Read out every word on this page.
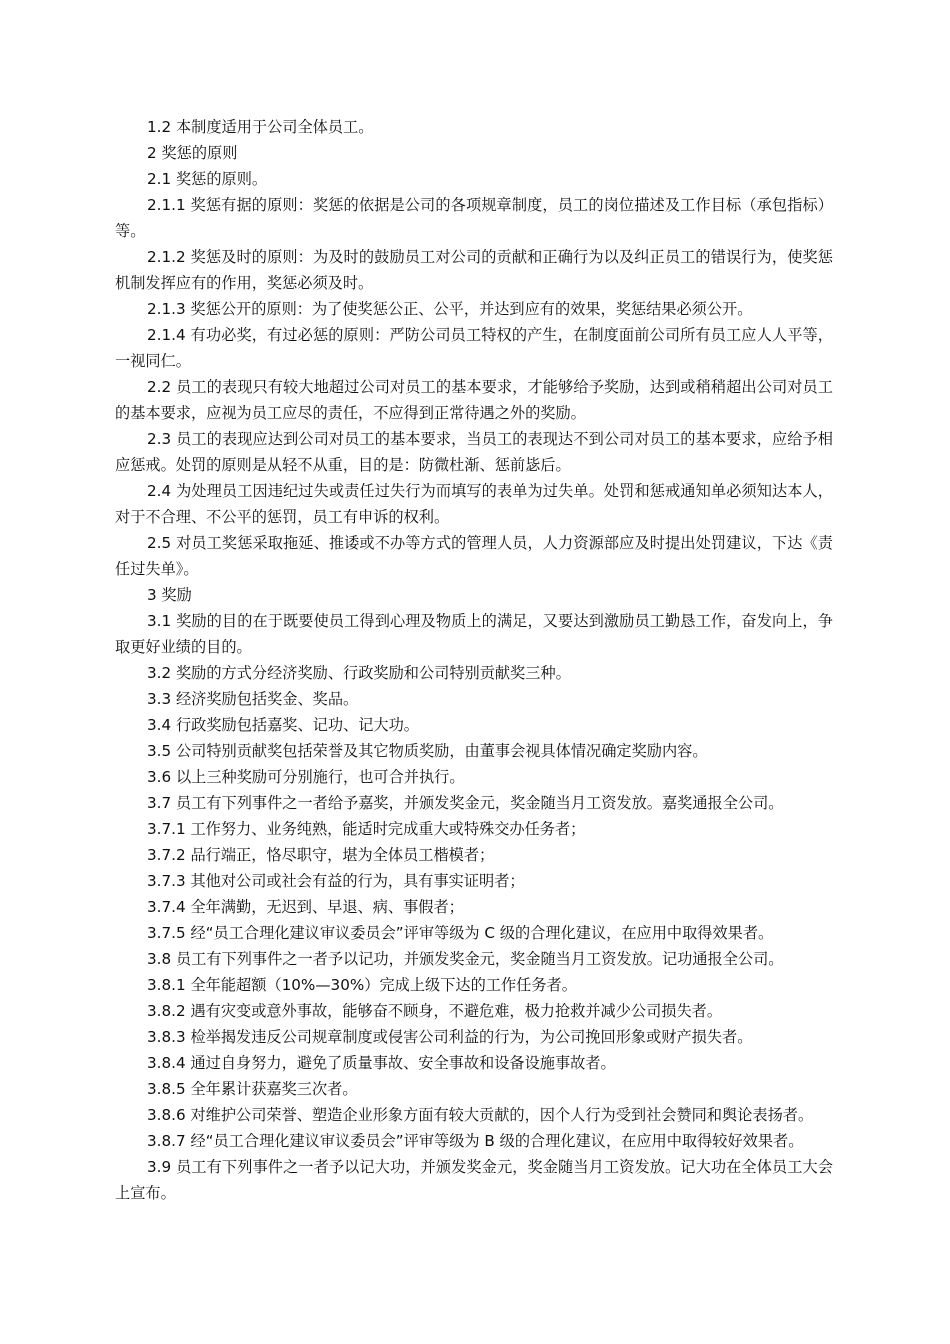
1.2 本制度适用于公司全体员工。

2 奖惩的原则

2.1 奖惩的原则。

2.1.1 奖惩有据的原则：奖惩的依据是公司的各项规章制度，员工的岗位描述及工作目标（承包指标）等。

2.1.2 奖惩及时的原则：为及时的鼓励员工对公司的贡献和正确行为以及纠正员工的错误行为，使奖惩机制发挥应有的作用，奖惩必须及时。

2.1.3 奖惩公开的原则：为了使奖惩公正、公平，并达到应有的效果，奖惩结果必须公开。

2.1.4 有功必奖，有过必惩的原则：严防公司员工特权的产生，在制度面前公司所有员工应人人平等，一视同仁。

2.2 员工的表现只有较大地超过公司对员工的基本要求，才能够给予奖励，达到或稍稍超出公司对员工的基本要求，应视为员工应尽的责任，不应得到正常待遇之外的奖励。

2.3 员工的表现应达到公司对员工的基本要求，当员工的表现达不到公司对员工的基本要求，应给予相应惩戒。处罚的原则是从轻不从重，目的是：防微杜渐、惩前毖后。

2.4 为处理员工因违纪过失或责任过失行为而填写的表单为过失单。处罚和惩戒通知单必须知达本人，对于不合理、不公平的惩罚，员工有申诉的权利。

2.5 对员工奖惩采取拖延、推诿或不办等方式的管理人员，人力资源部应及时提出处罚建议，下达《责任过失单》。

3 奖励

3.1 奖励的目的在于既要使员工得到心理及物质上的满足，又要达到激励员工勤恳工作，奋发向上，争取更好业绩的目的。

3.2 奖励的方式分经济奖励、行政奖励和公司特别贡献奖三种。

3.3 经济奖励包括奖金、奖品。

3.4 行政奖励包括嘉奖、记功、记大功。

3.5 公司特别贡献奖包括荣誉及其它物质奖励，由董事会视具体情况确定奖励内容。

3.6 以上三种奖励可分别施行，也可合并执行。

3.7 员工有下列事件之一者给予嘉奖，并颁发奖金元，奖金随当月工资发放。嘉奖通报全公司。

3.7.1 工作努力、业务纯熟，能适时完成重大或特殊交办任务者；

3.7.2 品行端正，恪尽职守，堪为全体员工楷模者；

3.7.3 其他对公司或社会有益的行为，具有事实证明者；

3.7.4 全年满勤，无迟到、早退、病、事假者；

3.7.5 经“员工合理化建议审议委员会”评审等级为 C 级的合理化建议，在应用中取得效果者。

3.8 员工有下列事件之一者予以记功，并颁发奖金元，奖金随当月工资发放。记功通报全公司。

3.8.1 全年能超额（10%—30%）完成上级下达的工作任务者。

3.8.2 遇有灾变或意外事故，能够奋不顾身，不避危难，极力抢救并减少公司损失者。

3.8.3 检举揭发违反公司规章制度或侵害公司利益的行为，为公司挽回形象或财产损失者。

3.8.4 通过自身努力，避免了质量事故、安全事故和设备设施事故者。

3.8.5 全年累计获嘉奖三次者。

3.8.6 对维护公司荣誉、塑造企业形象方面有较大贡献的，因个人行为受到社会赞同和舆论表扬者。

3.8.7 经“员工合理化建议审议委员会”评审等级为 B 级的合理化建议，在应用中取得较好效果者。

3.9 员工有下列事件之一者予以记大功，并颁发奖金元，奖金随当月工资发放。记大功在全体员工大会上宣布。
